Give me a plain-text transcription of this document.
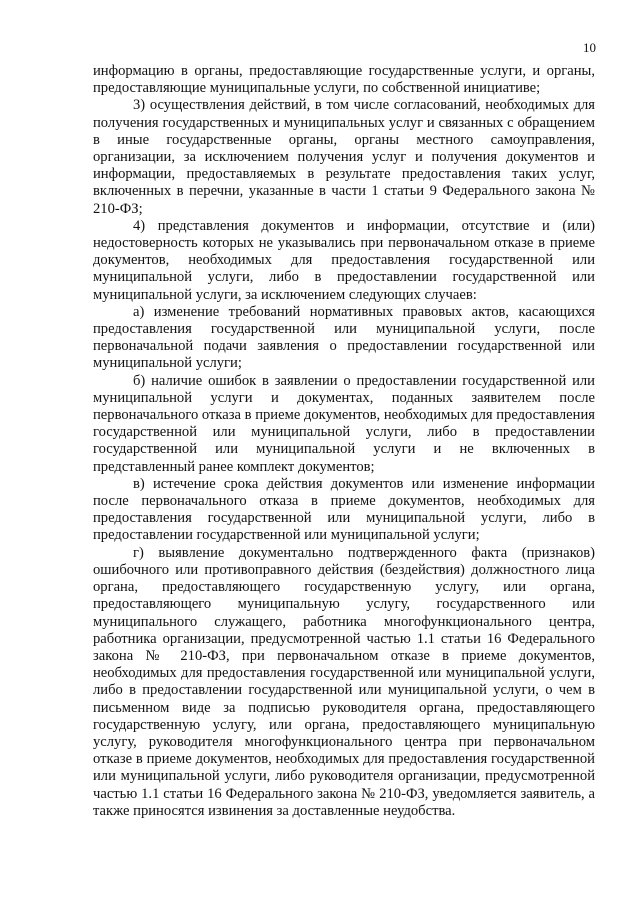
10

информацию в органы, предоставляющие государственные услуги, и органы, предоставляющие муниципальные услуги, по собственной инициативе;

3) осуществления действий, в том числе согласований, необходимых для получения государственных и муниципальных услуг и связанных с обращением в иные государственные органы, органы местного самоуправления, организации, за исключением получения услуг и получения документов и информации, предоставляемых в результате предоставления таких услуг, включенных в перечни, указанные в части 1 статьи 9 Федерального закона № 210-ФЗ;

4) представления документов и информации, отсутствие и (или) недостоверность которых не указывались при первоначальном отказе в приеме документов, необходимых для предоставления государственной или муниципальной услуги, либо в предоставлении государственной или муниципальной услуги, за исключением следующих случаев:

а) изменение требований нормативных правовых актов, касающихся предоставления государственной или муниципальной услуги, после первоначальной подачи заявления о предоставлении государственной или муниципальной услуги;

б) наличие ошибок в заявлении о предоставлении государственной или муниципальной услуги и документах, поданных заявителем после первоначального отказа в приеме документов, необходимых для предоставления государственной или муниципальной услуги, либо в предоставлении государственной или муниципальной услуги и не включенных в представленный ранее комплект документов;

в) истечение срока действия документов или изменение информации после первоначального отказа в приеме документов, необходимых для предоставления государственной или муниципальной услуги, либо в предоставлении государственной или муниципальной услуги;

г) выявление документально подтвержденного факта (признаков) ошибочного или противоправного действия (бездействия) должностного лица органа, предоставляющего государственную услугу, или органа, предоставляющего муниципальную услугу, государственного или муниципального служащего, работника многофункционального центра, работника организации, предусмотренной частью 1.1 статьи 16 Федерального закона № 210-ФЗ, при первоначальном отказе в приеме документов, необходимых для предоставления государственной или муниципальной услуги, либо в предоставлении государственной или муниципальной услуги, о чем в письменном виде за подписью руководителя органа, предоставляющего государственную услугу, или органа, предоставляющего муниципальную услугу, руководителя многофункционального центра при первоначальном отказе в приеме документов, необходимых для предоставления государственной или муниципальной услуги, либо руководителя организации, предусмотренной частью 1.1 статьи 16 Федерального закона № 210-ФЗ, уведомляется заявитель, а также приносятся извинения за доставленные неудобства.
